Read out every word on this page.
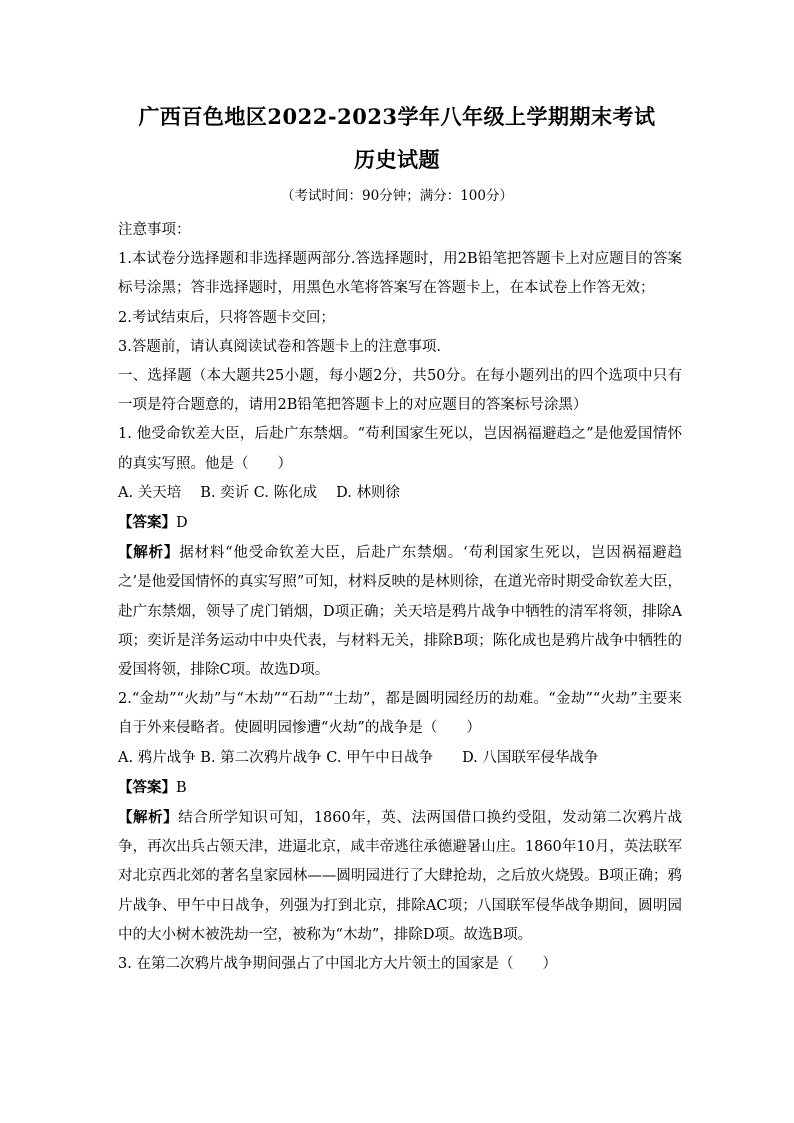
广西百色地区2022-2023学年八年级上学期期末考试
历史试题
（考试时间：90分钟；满分：100分）

注意事项：

1.本试卷分选择题和非选择题两部分.答选择题时，用2B铅笔把答题卡上对应题目的答案标号涂黑；答非选择题时，用黑色水笔将答案写在答题卡上，在本试卷上作答无效；

2.考试结束后，只将答题卡交回；

3.答题前，请认真阅读试卷和答题卡上的注意事项.

一、选择题（本大题共25小题，每小题2分，共50分。在每小题列出的四个选项中只有一项是符合题意的，请用2B铅笔把答题卡上的对应题目的答案标号涂黑）

1. 他受命钦差大臣，后赴广东禁烟。“苟利国家生死以，岂因祸福避趋之”是他爱国情怀的真实写照。他是（　　）

A. 关天培　 B. 奕䜣 C. 陈化成　 D. 林则徐

【答案】D

【解析】据材料“他受命钦差大臣，后赴广东禁烟。‘苟利国家生死以，岂因祸福避趋之’是他爱国情怀的真实写照”可知，材料反映的是林则徐，在道光帝时期受命钦差大臣，赴广东禁烟，领导了虎门销烟，D项正确；关天培是鸦片战争中牺牲的清军将领，排除A项；奕䜣是洋务运动中中央代表，与材料无关，排除B项；陈化成也是鸦片战争中牺牲的爱国将领，排除C项。故选D项。

2.“金劫”“火劫”与“木劫”“石劫”“土劫”，都是圆明园经历的劫难。“金劫”“火劫”主要来自于外来侵略者。使圆明园惨遭“火劫”的战争是（　　）

A. 鸦片战争 B. 第二次鸦片战争 C. 甲午中日战争　　D. 八国联军侵华战争

【答案】B

【解析】结合所学知识可知，1860年，英、法两国借口换约受阻，发动第二次鸦片战争，再次出兵占领天津，进逼北京，咸丰帝逃往承德避暑山庄。1860年10月，英法联军对北京西北郊的著名皇家园林——圆明园进行了大肆抢劫，之后放火烧毁。B项正确；鸦片战争、甲午中日战争，列强为打到北京，排除AC项；八国联军侵华战争期间，圆明园中的大小树木被洗劫一空，被称为“木劫”，排除D项。故选B项。

3. 在第二次鸦片战争期间强占了中国北方大片领土的国家是（　　）
